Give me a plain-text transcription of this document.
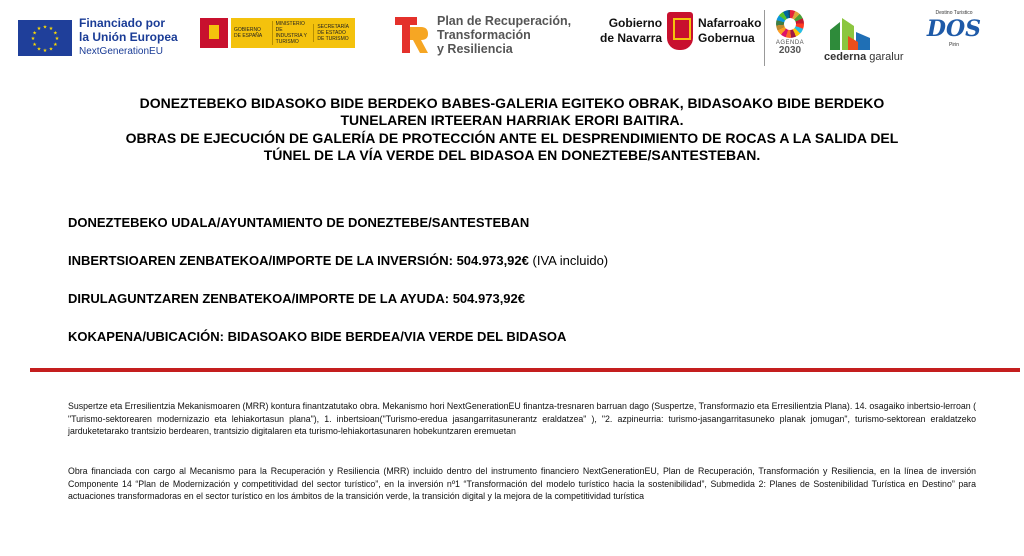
★ ★
★
★
★
★
★
★
★
★
★
★	Financiado por
la Unión Europea
NextGenerationEU
GOBIERNO DE ESPAÑA
MINISTERIO DE INDUSTRIA Y TURISMO
SECRETARÍA DE ESTADO DE TURISMO
Plan de Recuperación,
Transformación
y Resiliencia
Gobierno
de Navarra
Nafarroako
Gobernua	AGENDA
2030
cederna garalur
Destino Turistico
DOS
Pirin
DONEZTEBEKO BIDASOKO BIDE BERDEKO BABES-GALERIA EGITEKO OBRAK, BIDASOAKO BIDE BERDEKO
TUNELAREN IRTEERAN HARRIAK ERORI BAITIRA.
OBRAS DE EJECUCIÓN DE GALERÍA DE PROTECCIÓN ANTE EL DESPRENDIMIENTO DE ROCAS A LA SALIDA DEL
TÚNEL DE LA VÍA VERDE DEL BIDASOA EN DONEZTEBE/SANTESTEBAN.
DONEZTEBEKO UDALA/AYUNTAMIENTO DE DONEZTEBE/SANTESTEBAN
INBERTSIOAREN ZENBATEKOA/IMPORTE DE LA INVERSIÓN: 504.973,92€ (IVA incluido)
DIRULAGUNTZAREN ZENBATEKOA/IMPORTE DE LA AYUDA: 504.973,92€
KOKAPENA/UBICACIÓN: BIDASOAKO BIDE BERDEA/VIA VERDE DEL BIDASOA

Suspertze eta Erresilientzia Mekanismoaren (MRR) kontura finantzatutako obra. Mekanismo hori NextGenerationEU finantza-tresnaren barruan dago (Suspertze, Transformazio eta Erresilientzia Plana). 14. osagaiko inbertsio-lerroan ( "Turismo-sektorearen modernizazio eta lehiakortasun plana"), 1. inbertsioan("Turismo-eredua jasangarritasunerantz eraldatzea" ), "2. azpineurria: turismo-jasangarritasuneko planak jomugan", turismo-sektorean eraldatzeko jarduketetarako trantsizio berdearen, trantsizio digitalaren eta turismo-lehiakortasunaren hobekuntzaren eremuetan

Obra financiada con cargo al Mecanismo para la Recuperación y Resiliencia (MRR) incluido dentro del instrumento financiero NextGenerationEU, Plan de Recuperación, Transformación y Resiliencia, en la línea de inversión Componente 14 “Plan de Modernización y competitividad del sector turístico”, en la inversión nº1 “Transformación del modelo turístico hacia la sostenibilidad”, Submedida 2: Planes de Sostenibilidad Turística en Destino” para actuaciones transformadoras en el sector turístico en los ámbitos de la transición verde, la transición digital y la mejora de la competitividad turística
